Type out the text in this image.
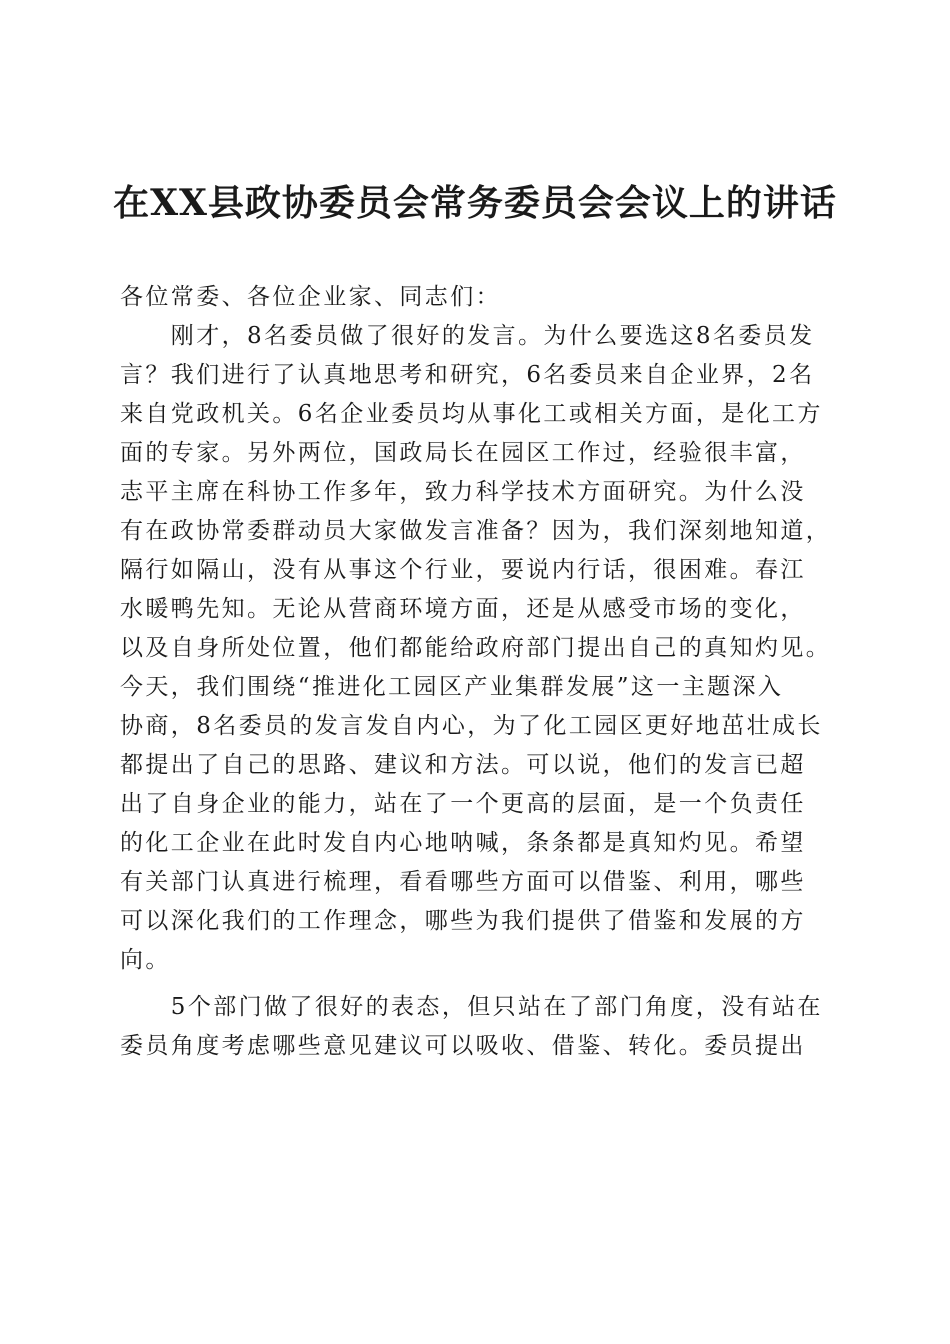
在XX县政协委员会常务委员会会议上的讲话
各位常委、各位企业家、同志们：
　　刚才，8名委员做了很好的发言。为什么要选这8名委员发
言？我们进行了认真地思考和研究，6名委员来自企业界，2名
来自党政机关。6名企业委员均从事化工或相关方面，是化工方
面的专家。另外两位，国政局长在园区工作过，经验很丰富，
志平主席在科协工作多年，致力科学技术方面研究。为什么没
有在政协常委群动员大家做发言准备？因为，我们深刻地知道，
隔行如隔山，没有从事这个行业，要说内行话，很困难。春江
水暖鸭先知。无论从营商环境方面，还是从感受市场的变化，
以及自身所处位置，他们都能给政府部门提出自己的真知灼见。
今天，我们围绕“推进化工园区产业集群发展”这一主题深入
协商，8名委员的发言发自内心，为了化工园区更好地茁壮成长
都提出了自己的思路、建议和方法。可以说，他们的发言已超
出了自身企业的能力，站在了一个更高的层面，是一个负责任
的化工企业在此时发自内心地呐喊，条条都是真知灼见。希望
有关部门认真进行梳理，看看哪些方面可以借鉴、利用，哪些
可以深化我们的工作理念，哪些为我们提供了借鉴和发展的方
向。
　　5个部门做了很好的表态，但只站在了部门角度，没有站在
委员角度考虑哪些意见建议可以吸收、借鉴、转化。委员提出
